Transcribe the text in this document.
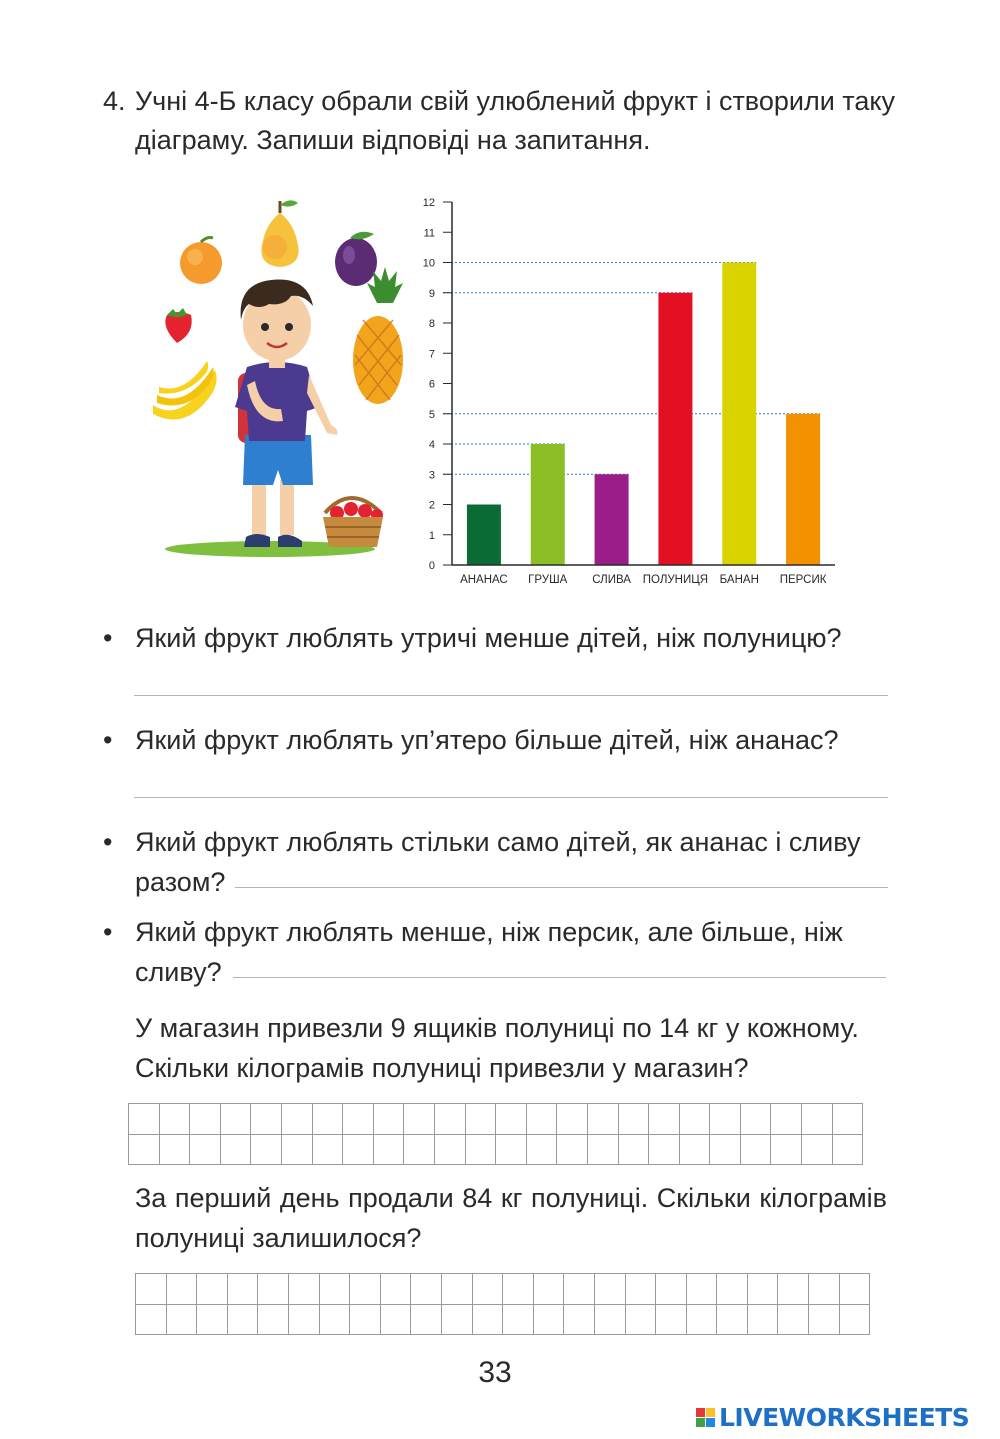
4. Учні 4-Б класу обрали свій улюблений фрукт і створили таку діаграму. Запиши відповіді на запитання.
0
1
2
3
4
5
6
7
8
9
10
11
12
АНАНАС ГРУША СЛИВА ПОЛУНИЦЯ БАНАН ПЕРСИК
• Який фрукт люблять утричі менше дітей, ніж полуницю?
• Який фрукт люблять уп’ятеро більше дітей, ніж ананас?
• Який фрукт люблять стільки само дітей, як ананас і сливу разом?
• Який фрукт люблять менше, ніж персик, але більше, ніж сливу?
У магазин привезли 9 ящиків полуниці по 14 кг у кожному. Скільки кілограмів полуниці привезли у магазин?
За перший день продали 84 кг полуниці. Скільки кілограмів полуниці залишилося?
33
LIVEWORKSHEETS
